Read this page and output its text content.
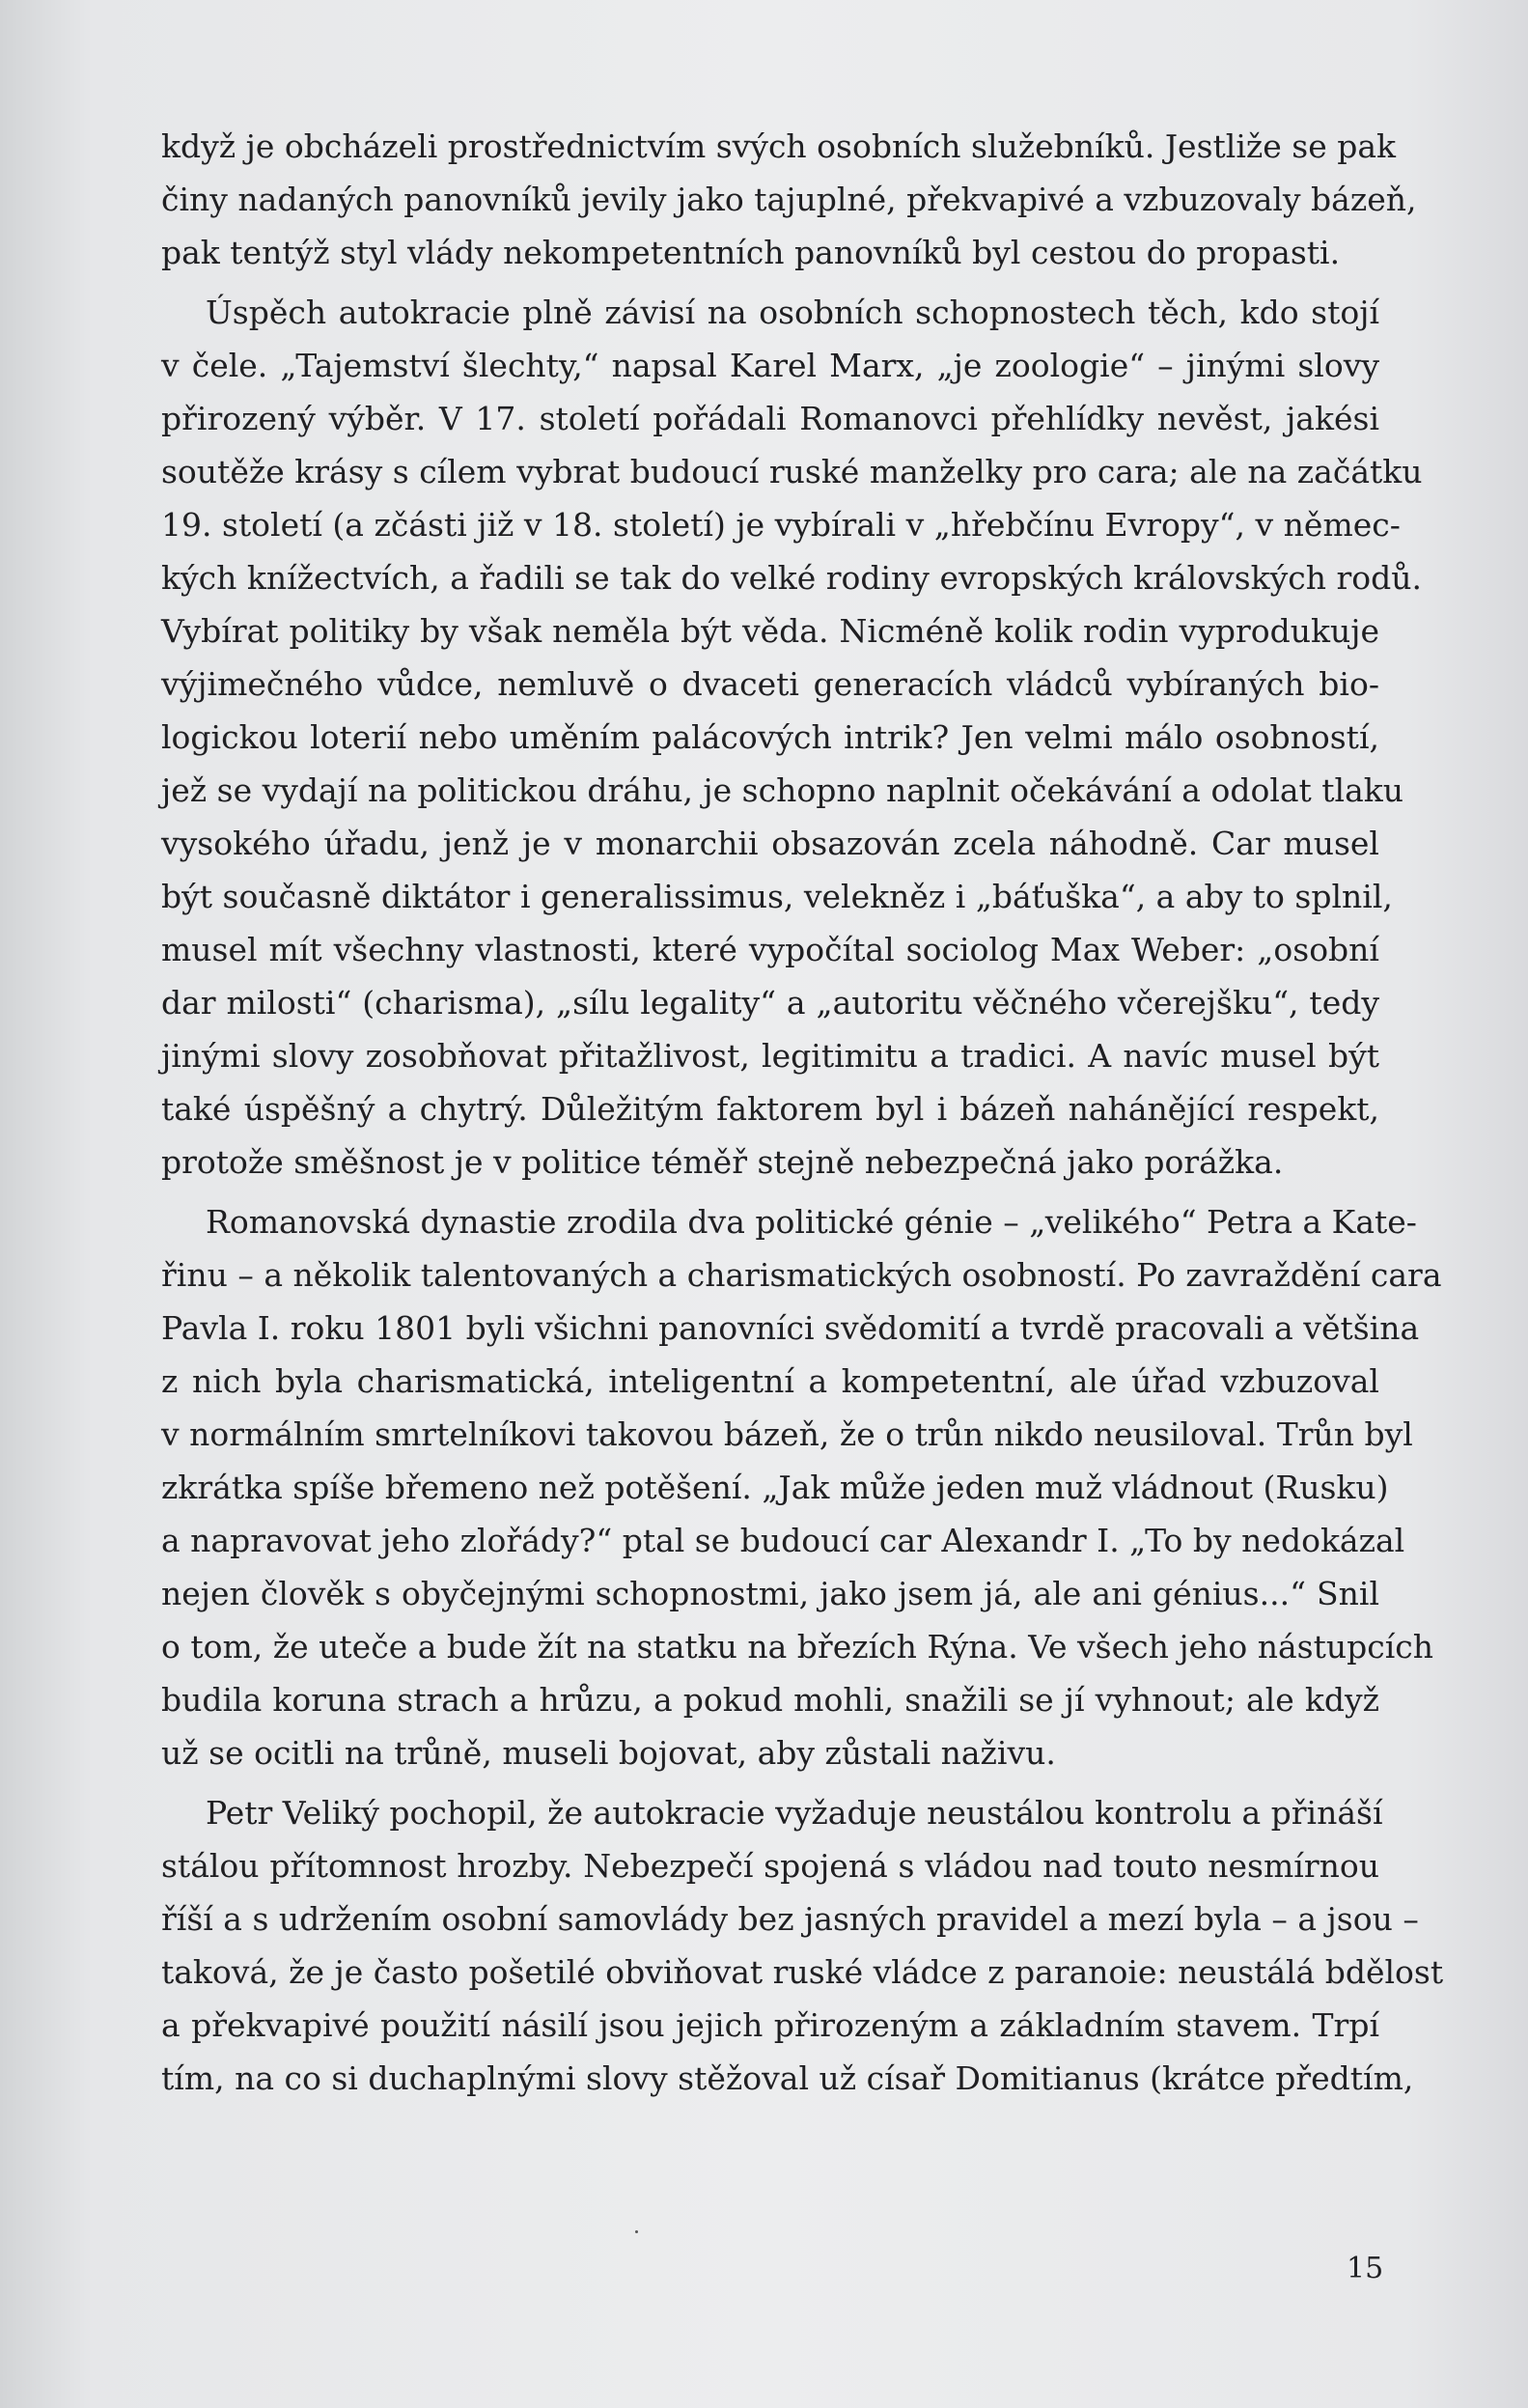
když je obcházeli prostřednictvím svých osobních služebníků. Jestliže se pak
činy nadaných panovníků jevily jako tajuplné, překvapivé a vzbuzovaly bázeň,
pak tentýž styl vlády nekompetentních panovníků byl cestou do propasti.
Úspěch autokracie plně závisí na osobních schopnostech těch, kdo stojí
v čele. „Tajemství šlechty,“ napsal Karel Marx, „je zoologie“ – jinými slovy
přirozený výběr. V 17. století pořádali Romanovci přehlídky nevěst, jakési
soutěže krásy s cílem vybrat budoucí ruské manželky pro cara; ale na začátku
19. století (a zčásti již v 18. století) je vybírali v „hřebčínu Evropy“, v němec-
kých knížectvích, a řadili se tak do velké rodiny evropských královských rodů.
Vybírat politiky by však neměla být věda. Nicméně kolik rodin vyprodukuje
výjimečného vůdce, nemluvě o dvaceti generacích vládců vybíraných bio-
logickou loterií nebo uměním palácových intrik? Jen velmi málo osobností,
jež se vydají na politickou dráhu, je schopno naplnit očekávání a odolat tlaku
vysokého úřadu, jenž je v monarchii obsazován zcela náhodně. Car musel
být současně diktátor i generalissimus, velekněz i „báťuška“, a aby to splnil,
musel mít všechny vlastnosti, které vypočítal sociolog Max Weber: „osobní
dar milosti“ (charisma), „sílu legality“ a „autoritu věčného včerejšku“, tedy
jinými slovy zosobňovat přitažlivost, legitimitu a tradici. A navíc musel být
také úspěšný a chytrý. Důležitým faktorem byl i bázeň nahánějící respekt,
protože směšnost je v politice téměř stejně nebezpečná jako porážka.
Romanovská dynastie zrodila dva politické génie – „velikého“ Petra a Kate-
řinu – a několik talentovaných a charismatických osobností. Po zavraždění cara
Pavla I. roku 1801 byli všichni panovníci svědomití a tvrdě pracovali a většina
z nich byla charismatická, inteligentní a kompetentní, ale úřad vzbuzoval
v normálním smrtelníkovi takovou bázeň, že o trůn nikdo neusiloval. Trůn byl
zkrátka spíše břemeno než potěšení. „Jak může jeden muž vládnout (Rusku)
a napravovat jeho zlořády?“ ptal se budoucí car Alexandr I. „To by nedokázal
nejen člověk s obyčejnými schopnostmi, jako jsem já, ale ani génius...“ Snil
o tom, že uteče a bude žít na statku na březích Rýna. Ve všech jeho nástupcích
budila koruna strach a hrůzu, a pokud mohli, snažili se jí vyhnout; ale když
už se ocitli na trůně, museli bojovat, aby zůstali naživu.
Petr Veliký pochopil, že autokracie vyžaduje neustálou kontrolu a přináší
stálou přítomnost hrozby. Nebezpečí spojená s vládou nad touto nesmírnou
říší a s udržením osobní samovlády bez jasných pravidel a mezí byla – a jsou –
taková, že je často pošetilé obviňovat ruské vládce z paranoie: neustálá bdělost
a překvapivé použití násilí jsou jejich přirozeným a základním stavem. Trpí
tím, na co si duchaplnými slovy stěžoval už císař Domitianus (krátce předtím,
15
